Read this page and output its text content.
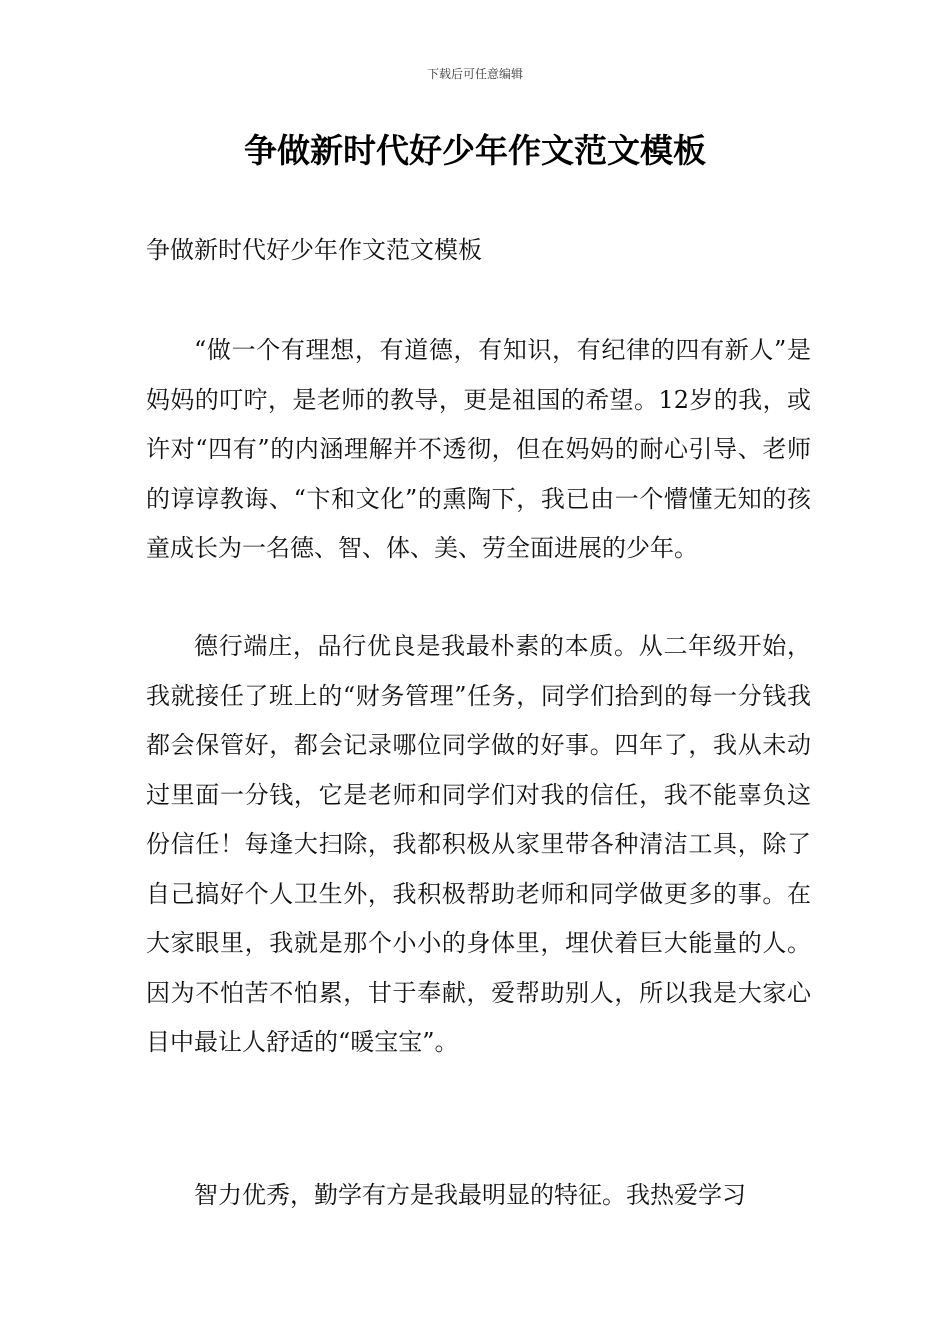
下载后可任意编辑
争做新时代好少年作文范文模板
争做新时代好少年作文范文模板

“做一个有理想，有道德，有知识，有纪律的四有新人”是妈妈的叮咛，是老师的教导，更是祖国的希望。12岁的我，或许对“四有”的内涵理解并不透彻，但在妈妈的耐心引导、老师的谆谆教诲、“卞和文化”的熏陶下，我已由一个懵懂无知的孩童成长为一名德、智、体、美、劳全面进展的少年。

德行端庄，品行优良是我最朴素的本质。从二年级开始，我就接任了班上的“财务管理”任务，同学们拾到的每一分钱我都会保管好，都会记录哪位同学做的好事。四年了，我从未动过里面一分钱，它是老师和同学们对我的信任，我不能辜负这份信任！每逢大扫除，我都积极从家里带各种清洁工具，除了自己搞好个人卫生外，我积极帮助老师和同学做更多的事。在大家眼里，我就是那个小小的身体里，埋伏着巨大能量的人。因为不怕苦不怕累，甘于奉献，爱帮助别人，所以我是大家心目中最让人舒适的“暖宝宝”。

智力优秀，勤学有方是我最明显的特征。我热爱学习
